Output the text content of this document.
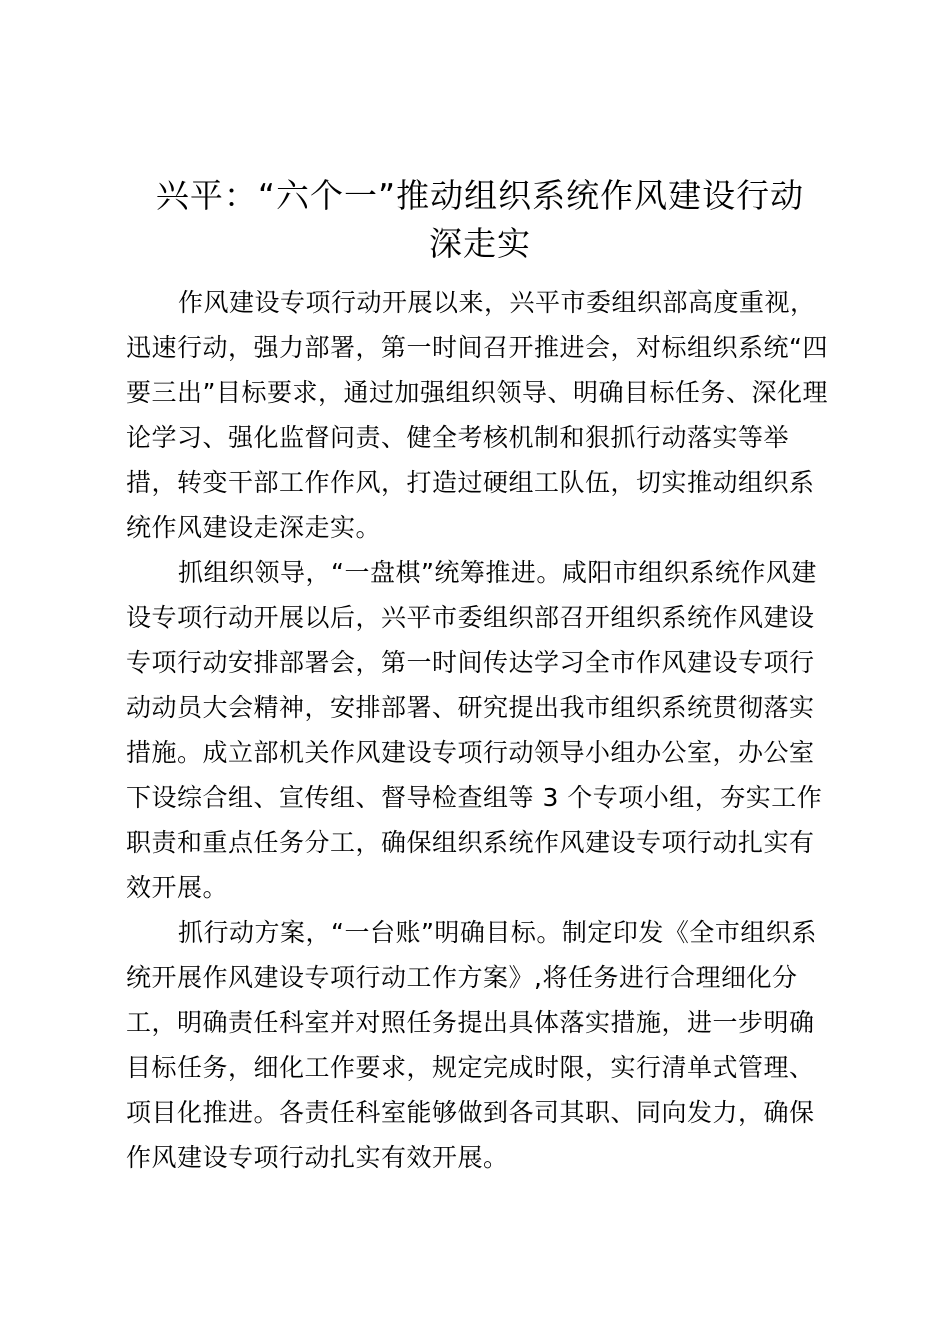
兴平：“六个一”推动组织系统作风建设行动
深走实
作风建设专项行动开展以来，兴平市委组织部高度重视，
迅速行动，强力部署，第一时间召开推进会，对标组织系统“四
要三出”目标要求，通过加强组织领导、明确目标任务、深化理
论学习、强化监督问责、健全考核机制和狠抓行动落实等举
措，转变干部工作作风，打造过硬组工队伍，切实推动组织系
统作风建设走深走实。
抓组织领导，“一盘棋”统筹推进。咸阳市组织系统作风建
设专项行动开展以后，兴平市委组织部召开组织系统作风建设
专项行动安排部署会，第一时间传达学习全市作风建设专项行
动动员大会精神，安排部署、研究提出我市组织系统贯彻落实
措施。成立部机关作风建设专项行动领导小组办公室，办公室
下设综合组、宣传组、督导检查组等 3 个专项小组，夯实工作
职责和重点任务分工，确保组织系统作风建设专项行动扎实有
效开展。
抓行动方案，“一台账”明确目标。制定印发《全市组织系
统开展作风建设专项行动工作方案》,将任务进行合理细化分
工，明确责任科室并对照任务提出具体落实措施，进一步明确
目标任务，细化工作要求，规定完成时限，实行清单式管理、
项目化推进。各责任科室能够做到各司其职、同向发力，确保
作风建设专项行动扎实有效开展。
